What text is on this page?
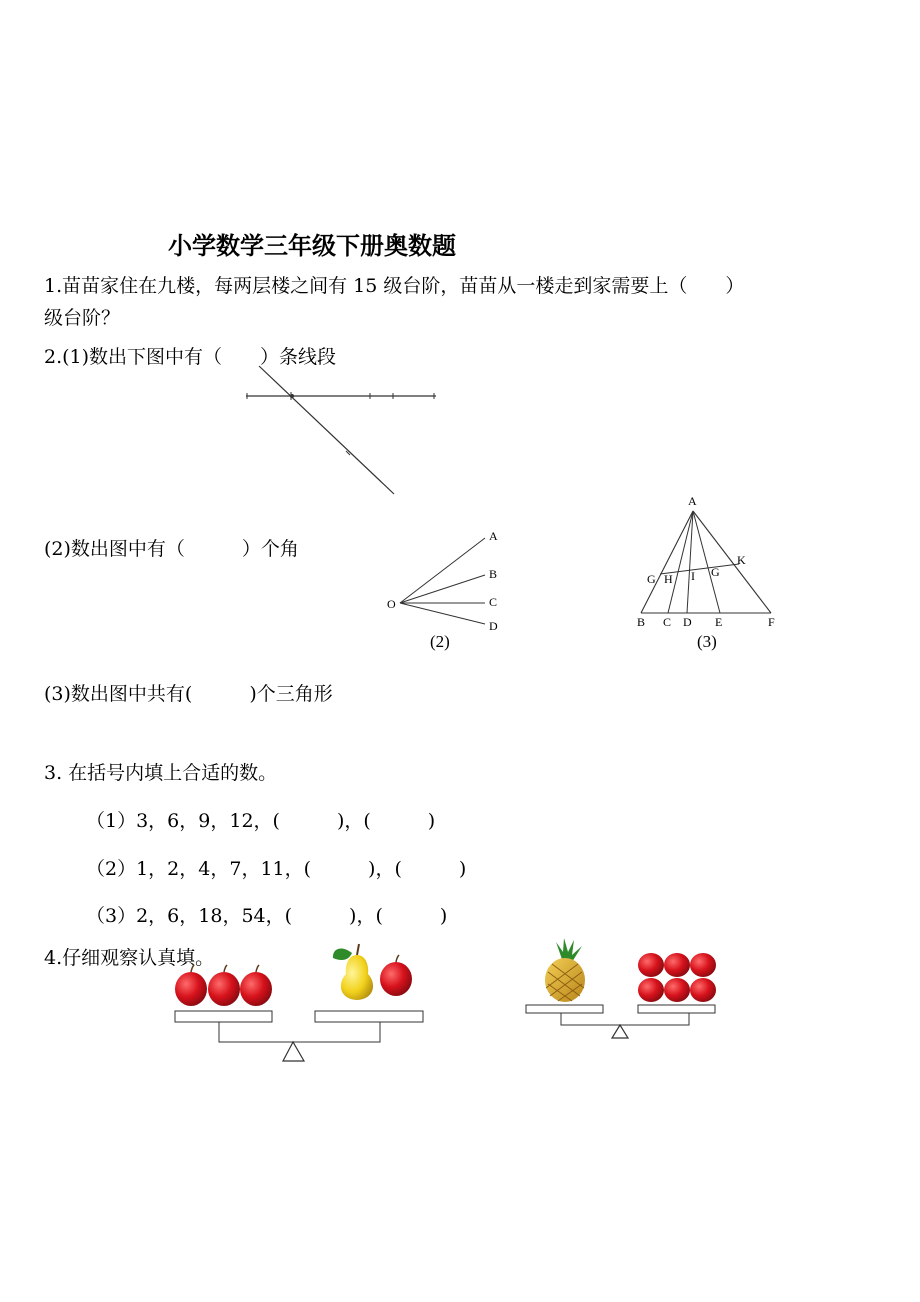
小学数学三年级下册奥数题
1.苗苗家住在九楼，每两层楼之间有 15 级台阶，苗苗从一楼走到家需要上（　　）
级台阶？
2.(1)数出下图中有（　　）条线段
(2)数出图中有（　　　）个角
O
A
B
C
D
(2)
A
B C D E	F
G H I G
K
(3)
(3)数出图中共有(　　　)个三角形
3. 在括号内填上合适的数。
（1）3，6，9，12，(　　　)，(　　　)
（2）1，2，4，7，11，(　　　)，(　　　)
（3）2，6，18，54，(　　　)，(　　　)
4.仔细观察认真填。
